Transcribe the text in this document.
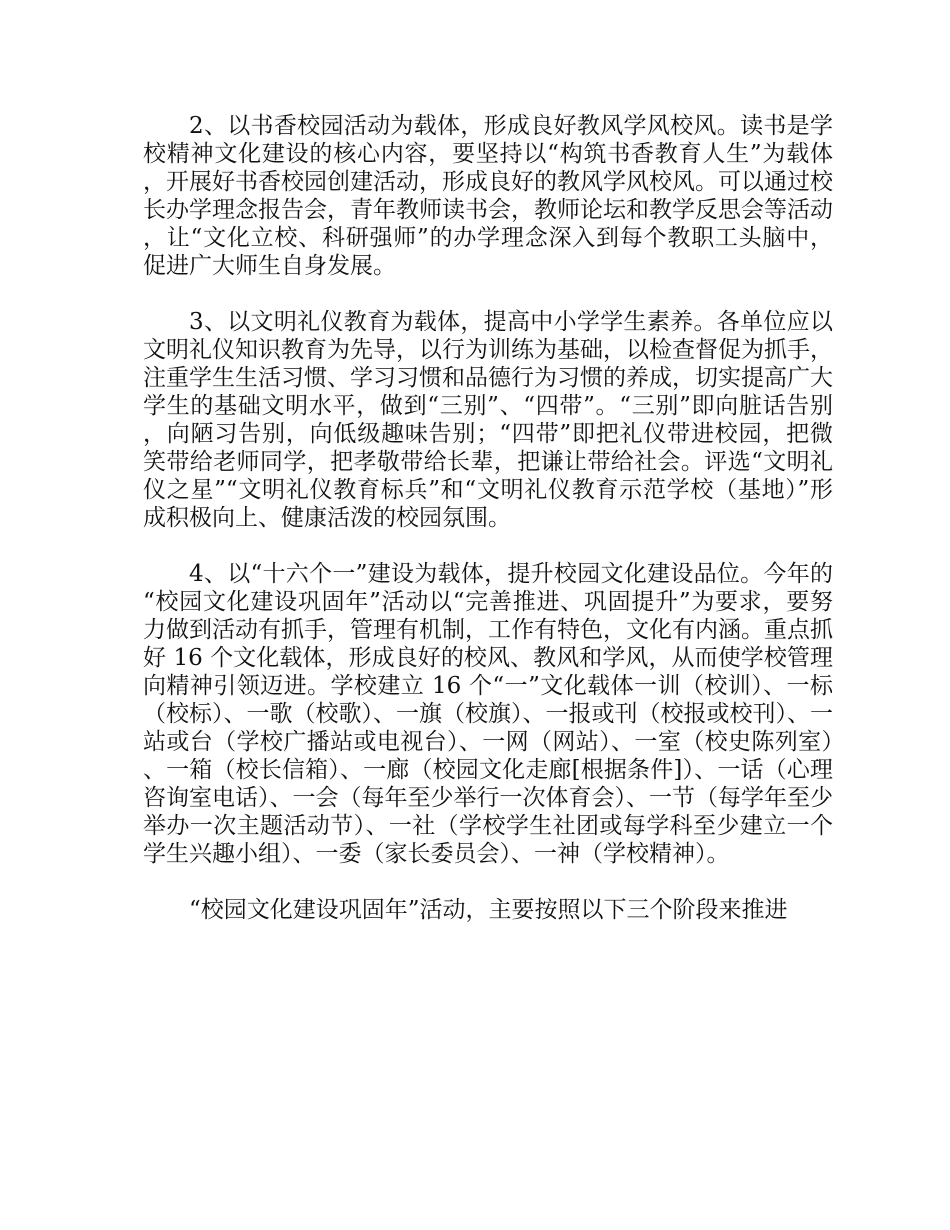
2、以书香校园活动为载体，形成良好教风学风校风。读书是学校精神文化建设的核心内容，要坚持以“构筑书香教育人生”为载体，开展好书香校园创建活动，形成良好的教风学风校风。可以通过校长办学理念报告会，青年教师读书会，教师论坛和教学反思会等活动，让“文化立校、科研强师”的办学理念深入到每个教职工头脑中，促进广大师生自身发展。

3、以文明礼仪教育为载体，提高中小学学生素养。各单位应以文明礼仪知识教育为先导，以行为训练为基础，以检查督促为抓手，注重学生生活习惯、学习习惯和品德行为习惯的养成，切实提高广大学生的基础文明水平，做到“三别”、“四带”。“三别”即向脏话告别，向陋习告别，向低级趣味告别；“四带”即把礼仪带进校园，把微笑带给老师同学，把孝敬带给长辈，把谦让带给社会。评选“文明礼仪之星”“文明礼仪教育标兵”和“文明礼仪教育示范学校（基地）”形成积极向上、健康活泼的校园氛围。

4、以“十六个一”建设为载体，提升校园文化建设品位。今年的“校园文化建设巩固年”活动以“完善推进、巩固提升”为要求，要努力做到活动有抓手，管理有机制，工作有特色，文化有内涵。重点抓好 16 个文化载体，形成良好的校风、教风和学风，从而使学校管理向精神引领迈进。学校建立 16 个“一”文化载体一训（校训）、一标（校标）、一歌（校歌）、一旗（校旗）、一报或刊（校报或校刊）、一站或台（学校广播站或电视台）、一网（网站）、一室（校史陈列室）、一箱（校长信箱）、一廊（校园文化走廊[根据条件]）、一话（心理咨询室电话）、一会（每年至少举行一次体育会）、一节（每学年至少举办一次主题活动节）、一社（学校学生社团或每学科至少建立一个学生兴趣小组）、一委（家长委员会）、一神（学校精神）。

“校园文化建设巩固年”活动，主要按照以下三个阶段来推进
